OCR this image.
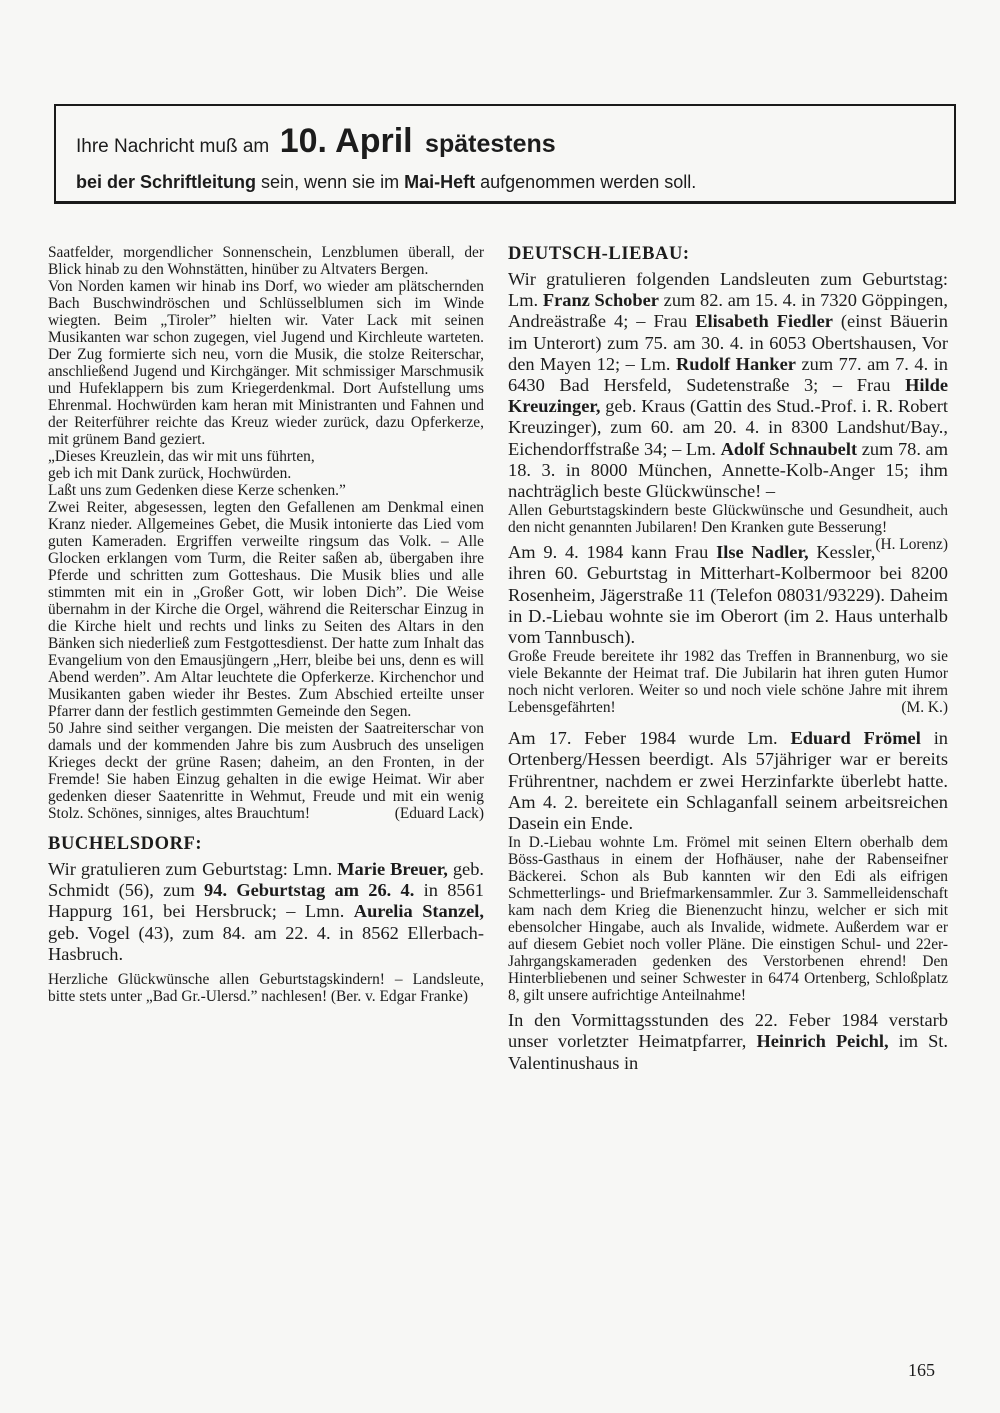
Ihre Nachricht muß am 10. April spätestens
bei der Schriftleitung sein, wenn sie im Mai-Heft aufgenommen werden soll.

Saatfelder, morgendlicher Sonnenschein, Lenzblumen überall, der Blick hinab zu den Wohnstätten, hinüber zu Altvaters Bergen.

Von Norden kamen wir hinab ins Dorf, wo wieder am plätschernden Bach Buschwindröschen und Schlüsselblumen sich im Winde wiegten. Beim „Tiroler” hielten wir. Vater Lack mit seinen Musikanten war schon zugegen, viel Jugend und Kirchleute warteten. Der Zug formierte sich neu, vorn die Musik, die stolze Reiterschar, anschließend Jugend und Kirchgänger. Mit schmissiger Marschmusik und Hufeklappern bis zum Kriegerdenkmal. Dort Aufstellung ums Ehrenmal. Hochwürden kam heran mit Ministranten und Fahnen und der Reiterführer reichte das Kreuz wieder zurück, dazu Opferkerze, mit grünem Band geziert.

„Dieses Kreuzlein, das wir mit uns führten,

geb ich mit Dank zurück, Hochwürden.

Laßt uns zum Gedenken diese Kerze schenken.”

Zwei Reiter, abgesessen, legten den Gefallenen am Denkmal einen Kranz nieder. Allgemeines Gebet, die Musik intonierte das Lied vom guten Kameraden. Ergriffen verweilte ringsum das Volk. – Alle Glocken erklangen vom Turm, die Reiter saßen ab, übergaben ihre Pferde und schritten zum Gotteshaus. Die Musik blies und alle stimmten mit ein in „Großer Gott, wir loben Dich”. Die Weise übernahm in der Kirche die Orgel, während die Reiterschar Einzug in die Kirche hielt und rechts und links zu Seiten des Altars in den Bänken sich niederließ zum Festgottesdienst. Der hatte zum Inhalt das Evangelium von den Emausjüngern „Herr, bleibe bei uns, denn es will Abend werden”. Am Altar leuchtete die Opferkerze. Kirchenchor und Musikanten gaben wieder ihr Bestes. Zum Abschied erteilte unser Pfarrer dann der festlich gestimmten Gemeinde den Segen.

50 Jahre sind seither vergangen. Die meisten der Saatreiterschar von damals und der kommenden Jahre bis zum Ausbruch des unseligen Krieges deckt der grüne Rasen; daheim, an den Fronten, in der Fremde! Sie haben Einzug gehalten in die ewige Heimat. Wir aber gedenken dieser Saatenritte in Wehmut, Freude und mit ein wenig Stolz. Schönes, sinniges, altes Brauchtum!	(Eduard Lack)

BUCHELSDORF:

Wir gratulieren zum Geburtstag: Lmn. Marie Breuer, geb. Schmidt (56), zum 94. Geburtstag am 26. 4. in 8561 Happurg 161, bei Hersbruck; – Lmn. Aurelia Stanzel, geb. Vogel (43), zum 84. am 22. 4. in 8562 Ellerbach-Hasbruch.

Herzliche Glückwünsche allen Geburtstagskindern! – Landsleute, bitte stets unter „Bad Gr.-Ulersd.” nachlesen! (Ber. v. Edgar Franke)

DEUTSCH-LIEBAU:

Wir gratulieren folgenden Landsleuten zum Geburtstag: Lm. Franz Schober zum 82. am 15. 4. in 7320 Göppingen, Andreästraße 4; – Frau Elisabeth Fiedler (einst Bäuerin im Unterort) zum 75. am 30. 4. in 6053 Obertshausen, Vor den Mayen 12; – Lm. Rudolf Hanker zum 77. am 7. 4. in 6430 Bad Hersfeld, Sudetenstraße 3; – Frau Hilde Kreuzinger, geb. Kraus (Gattin des Stud.-Prof. i. R. Robert Kreuzinger), zum 60. am 20. 4. in 8300 Landshut/Bay., Eichendorffstraße 34; – Lm. Adolf Schnaubelt zum 78. am 18. 3. in 8000 München, Annette-Kolb-Anger 15; ihm nachträglich beste Glückwünsche! –

Allen Geburtstagskindern beste Glückwünsche und Gesundheit, auch den nicht genannten Jubilaren! Den Kranken gute Besserung!
(H. Lorenz)

Am 9. 4. 1984 kann Frau Ilse Nadler, Kessler, ihren 60. Geburtstag in Mitterhart-Kolbermoor bei 8200 Rosenheim, Jägerstraße 11 (Telefon 08031/93229). Daheim in D.-Liebau wohnte sie im Oberort (im 2. Haus unterhalb vom Tannbusch).

Große Freude bereitete ihr 1982 das Treffen in Brannenburg, wo sie viele Bekannte der Heimat traf. Die Jubilarin hat ihren guten Humor noch nicht verloren. Weiter so und noch viele schöne Jahre mit ihrem Lebensgefährten!	(M. K.)

Am 17. Feber 1984 wurde Lm. Eduard Frömel in Ortenberg/Hessen beerdigt. Als 57jähriger war er bereits Frührentner, nachdem er zwei Herzinfarkte überlebt hatte. Am 4. 2. bereitete ein Schlaganfall seinem arbeitsreichen Dasein ein Ende.

In D.-Liebau wohnte Lm. Frömel mit seinen Eltern oberhalb dem Böss-Gasthaus in einem der Hofhäuser, nahe der Rabenseifner Bäckerei. Schon als Bub kannten wir den Edi als eifrigen Schmetterlings- und Briefmarkensammler. Zur 3. Sammelleidenschaft kam nach dem Krieg die Bienenzucht hinzu, welcher er sich mit ebensolcher Hingabe, auch als Invalide, widmete. Außerdem war er auf diesem Gebiet noch voller Pläne. Die einstigen Schul- und 22er-Jahrgangskameraden gedenken des Verstorbenen ehrend! Den Hinterbliebenen und seiner Schwester in 6474 Ortenberg, Schloßplatz 8, gilt unsere aufrichtige Anteilnahme!

In den Vormittagsstunden des 22. Feber 1984 verstarb unser vorletzter Heimatpfarrer, Heinrich Peichl, im St. Valentinushaus in

165
